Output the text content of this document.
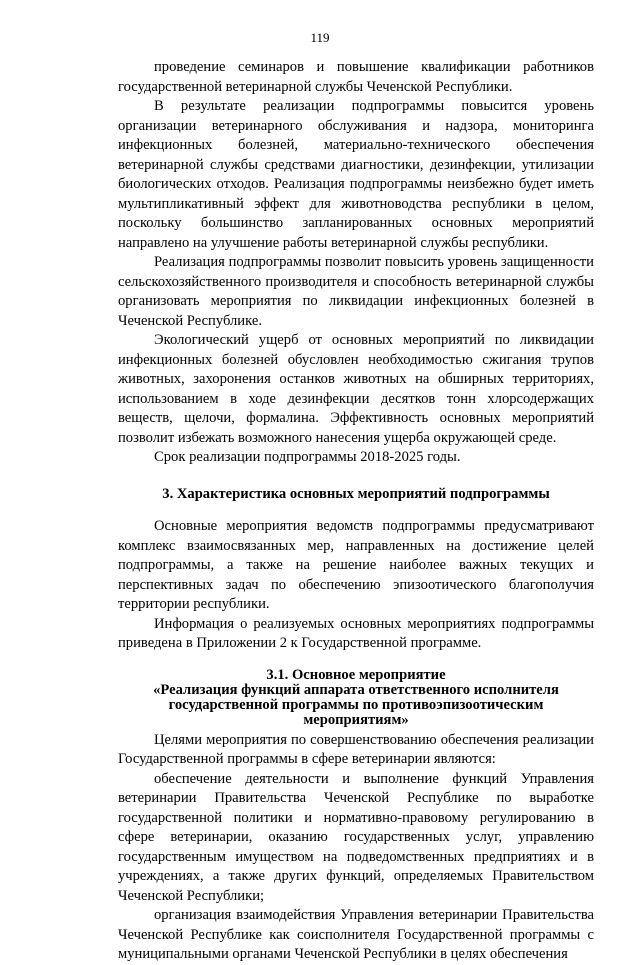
119

проведение семинаров и повышение квалификации работников государственной ветеринарной службы Чеченской Республики.

В результате реализации подпрограммы повысится уровень организации ветеринарного обслуживания и надзора, мониторинга инфекционных болезней, материально-технического обеспечения ветеринарной службы средствами диагностики, дезинфекции, утилизации биологических отходов. Реализация подпрограммы неизбежно будет иметь мультипликативный эффект для животноводства республики в целом, поскольку большинство запланированных основных мероприятий направлено на улучшение работы ветеринарной службы республики.

Реализация подпрограммы позволит повысить уровень защищенности сельскохозяйственного производителя и способность ветеринарной службы организовать мероприятия по ликвидации инфекционных болезней в Чеченской Республике.

Экологический ущерб от основных мероприятий по ликвидации инфекционных болезней обусловлен необходимостью сжигания трупов животных, захоронения останков животных на обширных территориях, использованием в ходе дезинфекции десятков тонн хлорсодержащих веществ, щелочи, формалина. Эффективность основных мероприятий позволит избежать возможного нанесения ущерба окружающей среде.

Срок реализации подпрограммы 2018-2025 годы.

3. Характеристика основных мероприятий подпрограммы

Основные мероприятия ведомств подпрограммы предусматривают комплекс взаимосвязанных мер, направленных на достижение целей подпрограммы, а также на решение наиболее важных текущих и перспективных задач по обеспечению эпизоотического благополучия территории республики.

Информация о реализуемых основных мероприятиях подпрограммы приведена в Приложении 2 к Государственной программе.

3.1. Основное мероприятие
«Реализация функций аппарата ответственного исполнителя
государственной программы по противоэпизоотическим мероприятиям»

Целями мероприятия по совершенствованию обеспечения реализации Государственной программы в сфере ветеринарии являются:

обеспечение деятельности и выполнение функций Управления ветеринарии Правительства Чеченской Республике по выработке государственной политики и нормативно-правовому регулированию в сфере ветеринарии, оказанию государственных услуг, управлению государственным имуществом на подведомственных предприятиях и в учреждениях, а также других функций, определяемых Правительством Чеченской Республики;

организация взаимодействия Управления ветеринарии Правительства Чеченской Республике как соисполнителя Государственной программы с муниципальными органами Чеченской Республики в целях обеспечения
